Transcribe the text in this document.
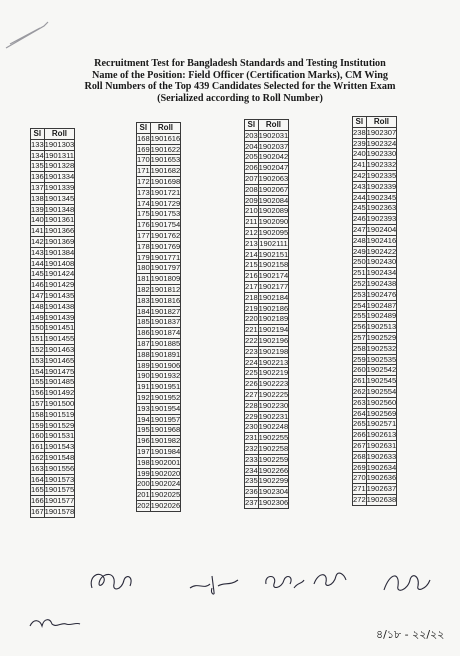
Recruitment Test for Bangladesh Standards and Testing Institution
Name of the Position: Field Officer (Certification Marks), CM Wing
Roll Numbers of the Top 439 Candidates Selected for the Written Exam
(Serialized according to Roll Number)
Sl	Roll
133	1901303
134	1901311
135	1901328
136	1901334
137	1901339
138	1901345
139	1901348
140	1901361
141	1901366
142	1901369
143	1901384
144	1901408
145	1901424
146	1901429
147	1901435
148	1901438
149	1901439
150	1901451
151	1901455
152	1901463
153	1901465
154	1901475
155	1901485
156	1901492
157	1901500
158	1901519
159	1901529
160	1901531
161	1901543
162	1901548
163	1901556
164	1901573
165	1901575
166	1901577
167	1901578
Sl	Roll
168	1901616
169	1901622
170	1901653
171	1901682
172	1901698
173	1901721
174	1901729
175	1901753
176	1901754
177	1901762
178	1901769
179	1901771
180	1901797
181	1901809
182	1901812
183	1901816
184	1901827
185	1901837
186	1901874
187	1901885
188	1901891
189	1901906
190	1901932
191	1901951
192	1901952
193	1901954
194	1901957
195	1901968
196	1901982
197	1901984
198	1902001
199	1902020
200	1902024
201	1902025
202	1902026
Sl	Roll
203	1902031
204	1902037
205	1902042
206	1902047
207	1902063
208	1902067
209	1902084
210	1902089
211	1902090
212	1902095
213	1902111
214	1902151
215	1902158
216	1902174
217	1902177
218	1902184
219	1902186
220	1902189
221	1902194
222	1902196
223	1902198
224	1902213
225	1902219
226	1902223
227	1902225
228	1902230
229	1902231
230	1902248
231	1902255
232	1902258
233	1902259
234	1902266
235	1902299
236	1902304
237	1902306
Sl	Roll
238	1902307
239	1902324
240	1902330
241	1902332
242	1902335
243	1902339
244	1902345
245	1902363
246	1902393
247	1902404
248	1902416
249	1902422
250	1902430
251	1902434
252	1902438
253	1902476
254	1902487
255	1902489
256	1902513
257	1902529
258	1902532
259	1902535
260	1902542
261	1902545
262	1902554
263	1902560
264	1902569
265	1902571
266	1902613
267	1902631
268	1902633
269	1902634
270	1902636
271	1902637
272	1902638
৪/১৮ - ২২/২২
